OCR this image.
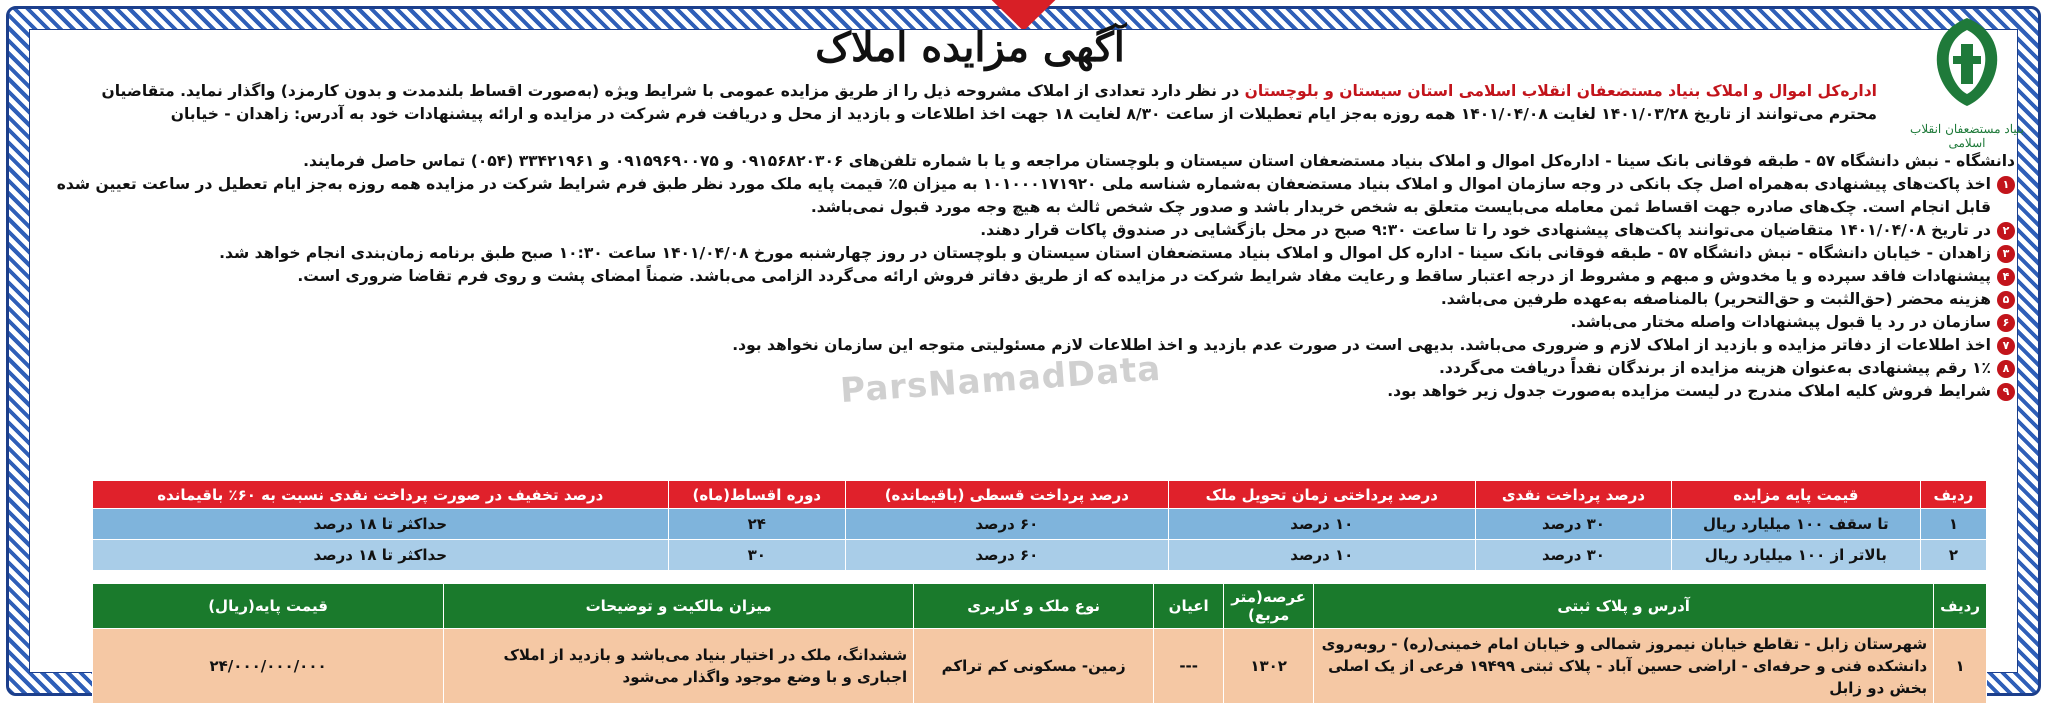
بنیاد مستضعفان انقلاب اسلامی
آگهی مزایده املاک
اداره‌کل اموال و املاک بنیاد مستضعفان انقلاب اسلامی استان سیستان و بلوچستان در نظر دارد تعدادی از املاک مشروحه ذیل را از طریق مزایده عمومی با شرایط ویژه (به‌صورت اقساط بلندمدت و بدون کارمزد) واگذار نماید. متقاضیان
محترم می‌توانند از تاریخ ۱۴۰۱/۰۳/۲۸ لغایت ۱۴۰۱/۰۴/۰۸ همه روزه به‌جز ایام تعطیلات از ساعت ۸/۳۰ لغایت ۱۸ جهت اخذ اطلاعات و بازدید از محل و دریافت فرم شرکت در مزایده و ارائه پیشنهادات خود به آدرس: زاهدان - خیابان
دانشگاه - نبش دانشگاه ۵۷ - طبقه فوقانی بانک سینا - اداره‌کل اموال و املاک بنیاد مستضعفان استان سیستان و بلوچستان مراجعه و یا با شماره تلفن‌های ۰۹۱۵۶۸۲۰۳۰۶ و ۰۹۱۵۹۶۹۰۰۷۵ و ۳۳۴۲۱۹۶۱ (۰۵۴) تماس حاصل فرمایند.
۱
اخذ پاکت‌های پیشنهادی به‌همراه اصل چک بانکی در وجه سازمان اموال و املاک بنیاد مستضعفان به‌شماره شناسه ملی ۱۰۱۰۰۰۱۷۱۹۲۰ به میزان ۵٪ قیمت پایه ملک مورد نظر طبق فرم شرایط شرکت در مزایده همه روزه به‌جز ایام تعطیل در ساعت تعیین شده قابل انجام است. چک‌های صادره جهت اقساط ثمن معامله می‌بایست متعلق به شخص خریدار باشد و صدور چک شخص ثالث به هیچ وجه مورد قبول نمی‌باشد.
۲
در تاریخ ۱۴۰۱/۰۴/۰۸ متقاضیان می‌توانند پاکت‌های پیشنهادی خود را تا ساعت ۹:۳۰ صبح در محل بازگشایی در صندوق پاکات قرار دهند.
۳
زاهدان - خیابان دانشگاه - نبش دانشگاه ۵۷ - طبقه فوقانی بانک سینا - اداره کل اموال و املاک بنیاد مستضعفان استان سیستان و بلوچستان در روز چهارشنبه مورخ ۱۴۰۱/۰۴/۰۸ ساعت ۱۰:۳۰ صبح طبق برنامه زمان‌بندی انجام خواهد شد.
۴
پیشنهادات فاقد سپرده و یا مخدوش و مبهم و مشروط از درجه اعتبار ساقط و رعایت مفاد شرایط شرکت در مزایده که از طریق دفاتر فروش ارائه می‌گردد الزامی می‌باشد. ضمناً امضای پشت و روی فرم تقاضا ضروری است.
۵
هزینه محضر (حق‌الثبت و حق‌التحریر) بالمناصفه به‌عهده طرفین می‌باشد.
۶
سازمان در رد یا قبول پیشنهادات واصله مختار می‌باشد.
۷
اخذ اطلاعات از دفاتر مزایده و بازدید از املاک لازم و ضروری می‌باشد. بدیهی است در صورت عدم بازدید و اخذ اطلاعات لازم مسئولیتی متوجه این سازمان نخواهد بود.
۸
۱٪ رقم پیشنهادی به‌عنوان هزینه مزایده از برندگان نقداً دریافت می‌گردد.
۹
شرایط فروش کلیه املاک مندرج در لیست مزایده به‌صورت جدول زیر خواهد بود.
ParsNamadData
ردیف	قیمت پایه مزایده	درصد پرداخت نقدی	درصد پرداختی زمان تحویل ملک	درصد پرداخت قسطی (باقیمانده)	دوره اقساط(ماه)	درصد تخفیف در صورت پرداخت نقدی نسبت به ۶۰٪ باقیمانده
۱	تا سقف ۱۰۰ میلیارد ریال	۳۰ درصد	۱۰ درصد	۶۰ درصد	۲۴	حداکثر تا ۱۸ درصد
۲	بالاتر از ۱۰۰ میلیارد ریال	۳۰ درصد	۱۰ درصد	۶۰ درصد	۳۰	حداکثر تا ۱۸ درصد
ردیف	آدرس و پلاک ثبتی	عرصه(متر مربع)	اعیان	نوع ملک و کاربری	میزان مالکیت و توضیحات	قیمت پایه(ریال)
۱	شهرستان زابل - تقاطع خیابان نیمروز شمالی و خیابان امام خمینی(ره) - روبه‌روی دانشکده فنی و حرفه‌ای - اراضی حسین آباد - پلاک ثبتی ۱۹۴۹۹ فرعی از یک اصلی بخش دو زابل	۱۳۰۲	---	زمین- مسکونی کم تراکم	ششدانگ، ملک در اختیار بنیاد می‌باشد و بازدید از املاک اجباری و با وضع موجود واگذار می‌شود	۲۴/۰۰۰/۰۰۰/۰۰۰
